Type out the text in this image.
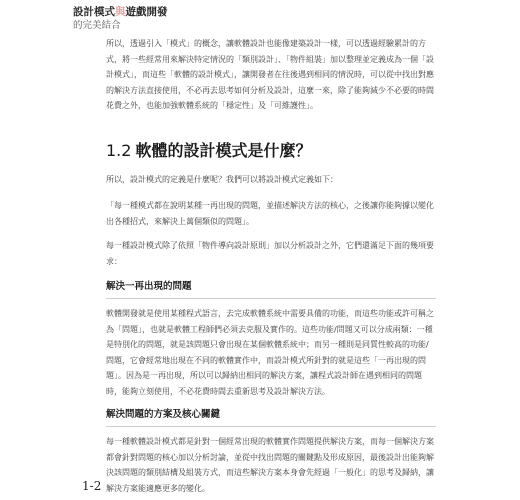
設計模式與遊戲開發
的完美結合

所以，透過引入「模式」的概念，讓軟體設計也能像建築設計一樣，可以透過經驗累計的方式，將一些經常用來解決特定情況的「類別設計」、「物件組裝」加以整理並定義成為一個「設計模式」，而這些「軟體的設計模式」，讓開發者在往後遇到相同的情況時，可以從中找出對應的解決方法直接使用，不必再去思考如何分析及設計，這麼一來，除了能夠減少不必要的時間花費之外，也能加強軟體系統的「穩定性」及「可維護性」。

1.2 軟體的設計模式是什麼？

所以，設計模式的定義是什麼呢？我們可以將設計模式定義如下：

「每一種模式都在說明某種一再出現的問題，並描述解決方法的核心，之後讓你能夠據以變化出各種招式，來解決上萬個類似的問題」。

每一種設計模式除了依照「物件導向設計原則」加以分析設計之外，它們還滿足下面的幾項要求：

解決一再出現的問題

軟體開發就是使用某種程式語言，去完成軟體系統中需要具備的功能，而這些功能或許可稱之為「問題」，也就是軟體工程師們必須去克服及實作的。這些功能/問題又可以分成兩類：一種是特別化的問題，就是該問題只會出現在某個軟體系統中；而另一種則是同質性較高的功能/問題，它會經常地出現在不同的軟體實作中，而設計模式所針對的就是這些「一再出現的問題」。因為是一再出現，所以可以歸納出相同的解決方案，讓程式設計師在遇到相同的問題時，能夠立刻使用，不必花費時間去重新思考及設計解決方法。

解決問題的方案及核心關鍵

每一種軟體設計模式都是針對一個經常出現的軟體實作問題提供解決方案，而每一個解決方案都會針對問題的核心加以分析討論，並從中找出問題的關鍵點及形成原因，最後設計出能夠解決該問題的類別結構及組裝方式，而這些解決方案本身會先經過「一般化」的思考及歸納，讓解決方案能適應更多的變化。

1-2
